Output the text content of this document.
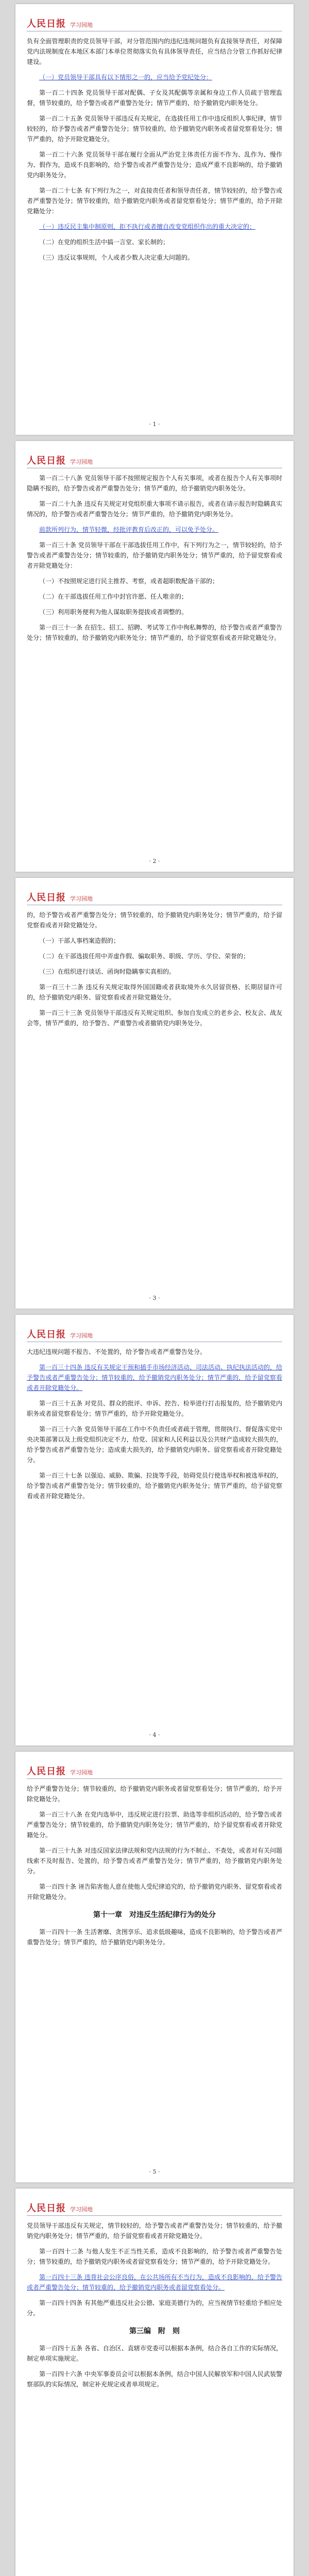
人民日报 学习园地

负有全面管理职责的党员领导干部，对分管范围内的违纪违规问题负有直接领导责任，对保障党内法规制度在本地区本部门本单位贯彻落实负有具体领导责任，应当结合分管工作抓好纪律建设。

（一）党员领导干部具有以下情形之一的，应当给予党纪处分：

第一百二十四条 党员领导干部对配偶、子女及其配偶等亲属和身边工作人员疏于管理监督，情节较重的，给予警告或者严重警告处分；情节严重的，给予撤销党内职务处分。

第一百二十五条 党员领导干部违反有关规定，在选拔任用工作中违反组织人事纪律，情节较轻的，给予警告或者严重警告处分；情节较重的，给予撤销党内职务或者留党察看处分；情节严重的，给予开除党籍处分。

第一百二十六条 党员领导干部在履行全面从严治党主体责任方面不作为、乱作为、慢作为、假作为，造成不良影响的，给予警告或者严重警告处分；造成严重不良影响的，给予撤销党内职务处分。

第一百二十七条 有下列行为之一，对直接责任者和领导责任者，情节较轻的，给予警告或者严重警告处分；情节较重的，给予撤销党内职务或者留党察看处分；情节严重的，给予开除党籍处分：

（一）违反民主集中制原则，拒不执行或者擅自改变党组织作出的重大决定的；

（二）在党的组织生活中搞一言堂、家长制的；

（三）违反议事规则，个人或者少数人决定重大问题的。

· 1 ·
人民日报 学习园地

第一百二十八条 党员领导干部不按照规定报告个人有关事项，或者在报告个人有关事项时隐瞒不报的，给予警告或者严重警告处分；情节严重的，给予撤销党内职务处分。

第一百二十九条 违反有关规定对党组织重大事项不请示报告，或者在请示报告时隐瞒真实情况的，给予警告或者严重警告处分；情节严重的，给予撤销党内职务处分。

前款所列行为，情节轻微，经批评教育后改正的，可以免予处分。

第一百三十条 党员领导干部在干部选拔任用工作中，有下列行为之一，情节较轻的，给予警告或者严重警告处分；情节较重的，给予撤销党内职务处分；情节严重的，给予留党察看或者开除党籍处分：

（一）不按照规定进行民主推荐、考察，或者超职数配备干部的；

（二）在干部选拔任用工作中封官许愿、任人唯亲的；

（三）利用职务便利为他人谋取职务提拔或者调整的。

第一百三十一条 在招生、招工、招聘、考试等工作中徇私舞弊的，给予警告或者严重警告处分；情节较重的，给予撤销党内职务处分；情节严重的，给予留党察看或者开除党籍处分。

· 2 ·
人民日报 学习园地

的，给予警告或者严重警告处分；情节较重的，给予撤销党内职务处分；情节严重的，给予留党察看或者开除党籍处分。

（一）干部人事档案造假的；

（二）在干部选拔任用中弄虚作假、骗取职务、职级、学历、学位、荣誉的；

（三）在组织进行谈话、函询时隐瞒事实真相的。

第一百三十二条 违反有关规定取得外国国籍或者获取境外永久居留资格、长期居留许可的，给予撤销党内职务、留党察看或者开除党籍处分。

第一百三十三条 党员领导干部违反有关规定组织、参加自发成立的老乡会、校友会、战友会等，情节严重的，给予警告、严重警告或者撤销党内职务处分。

· 3 ·
人民日报 学习园地

大违纪违规问题不报告、不处置的，给予警告或者严重警告处分。

第一百三十四条 违反有关规定干预和插手市场经济活动、司法活动、执纪执法活动的，给予警告或者严重警告处分；情节较重的，给予撤销党内职务处分；情节严重的，给予留党察看或者开除党籍处分。

第一百三十五条 对党员、群众的批评、申诉、控告、检举进行打击报复的，给予撤销党内职务或者留党察看处分；情节严重的，给予开除党籍处分。

第一百三十六条 党员领导干部在工作中不负责任或者疏于管理，贯彻执行、督促落实党中央决策部署以及上级党组织决定不力，给党、国家和人民利益以及公共财产造成较大损失的，给予警告或者严重警告处分；造成重大损失的，给予撤销党内职务、留党察看或者开除党籍处分。

第一百三十七条 以强迫、威胁、欺骗、拉拢等手段，妨碍党员行使选举权和被选举权的，给予警告或者严重警告处分；情节较重的，给予撤销党内职务处分；情节严重的，给予留党察看或者开除党籍处分。

· 4 ·
人民日报 学习园地

给予严重警告处分；情节较重的，给予撤销党内职务或者留党察看处分；情节严重的，给予开除党籍处分。

第一百三十八条 在党内选举中，违反规定进行拉票、助选等非组织活动的，给予警告或者严重警告处分；情节较重的，给予撤销党内职务处分；情节严重的，给予留党察看或者开除党籍处分。

第一百三十九条 对违反国家法律法规和党内法规的行为不制止、不查处，或者对有关问题线索不及时报告、处置的，给予警告或者严重警告处分；情节严重的，给予撤销党内职务处分。

第一百四十条 诬告陷害他人意在使他人受纪律追究的，给予撤销党内职务、留党察看或者开除党籍处分。

第十一章　对违反生活纪律行为的处分

第一百四十一条 生活奢靡、贪图享乐、追求低级趣味，造成不良影响的，给予警告或者严重警告处分；情节严重的，给予撤销党内职务处分。

· 5 ·
人民日报 学习园地

党员领导干部违反有关规定，情节较轻的，给予警告或者严重警告处分；情节较重的，给予撤销党内职务处分；情节严重的，给予留党察看或者开除党籍处分。

第一百四十二条 与他人发生不正当性关系，造成不良影响的，给予警告或者严重警告处分；情节较重的，给予撤销党内职务或者留党察看处分；情节严重的，给予开除党籍处分。

第一百四十三条 违背社会公序良俗，在公共场所有不当行为，造成不良影响的，给予警告或者严重警告处分；情节较重的，给予撤销党内职务或者留党察看处分。

第一百四十四条 有其他严重违反社会公德、家庭美德行为的，应当视情节轻重给予相应处分。

第三编　附　则

第一百四十五条 各省、自治区、直辖市党委可以根据本条例，结合各自工作的实际情况，制定单项实施规定。

第一百四十六条 中央军事委员会可以根据本条例，结合中国人民解放军和中国人民武装警察部队的实际情况，制定补充规定或者单项规定。
